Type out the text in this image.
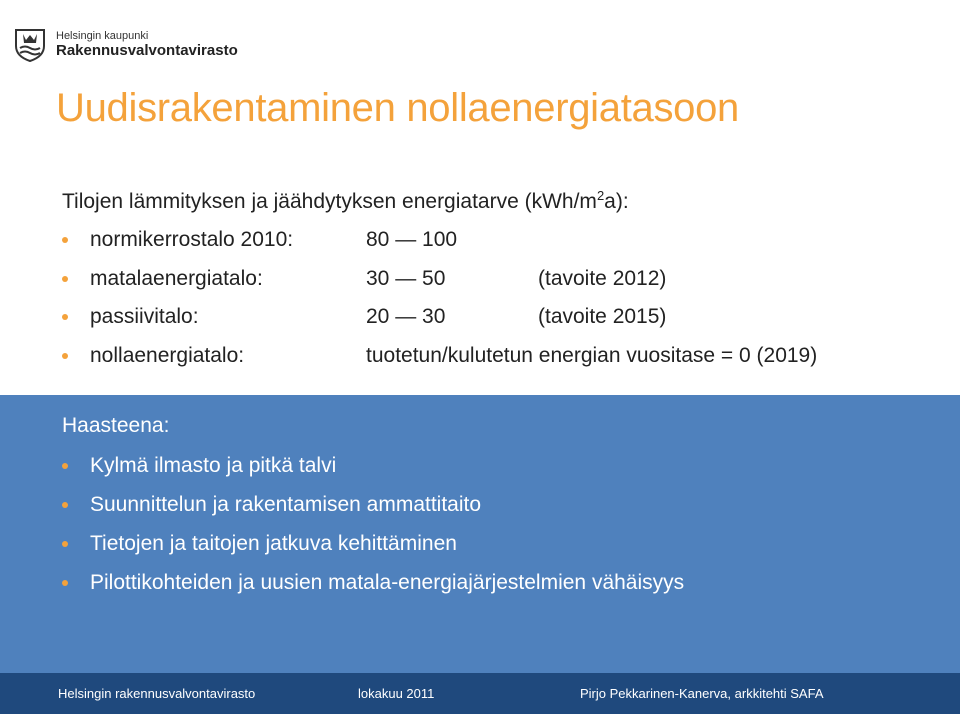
Helsingin kaupunki
Rakennusvalvontavirasto
Uudisrakentaminen nollaenergiatasoon
Tilojen lämmityksen ja jäähdytyksen energiatarve $(kWh/m^2a)$:
normikerrostalo 2010:	80 — 100
matalaenergiatalo:	30 — 50	(tavoite 2012)
passiivitalo:	20 — 30	(tavoite 2015)
nollaenergiatalo:	tuotetun/kulutetun energian vuositase = 0 (2019)
Haasteena:
Kylmä ilmasto ja pitkä talvi
Suunnittelun ja rakentamisen ammattitaito
Tietojen ja taitojen jatkuva kehittäminen
Pilottikohteiden ja uusien matala-energiajärjestelmien vähäisyys
Helsingin rakennusvalvontavirasto	lokakuu 2011	Pirjo Pekkarinen-Kanerva, arkkitehti SAFA
